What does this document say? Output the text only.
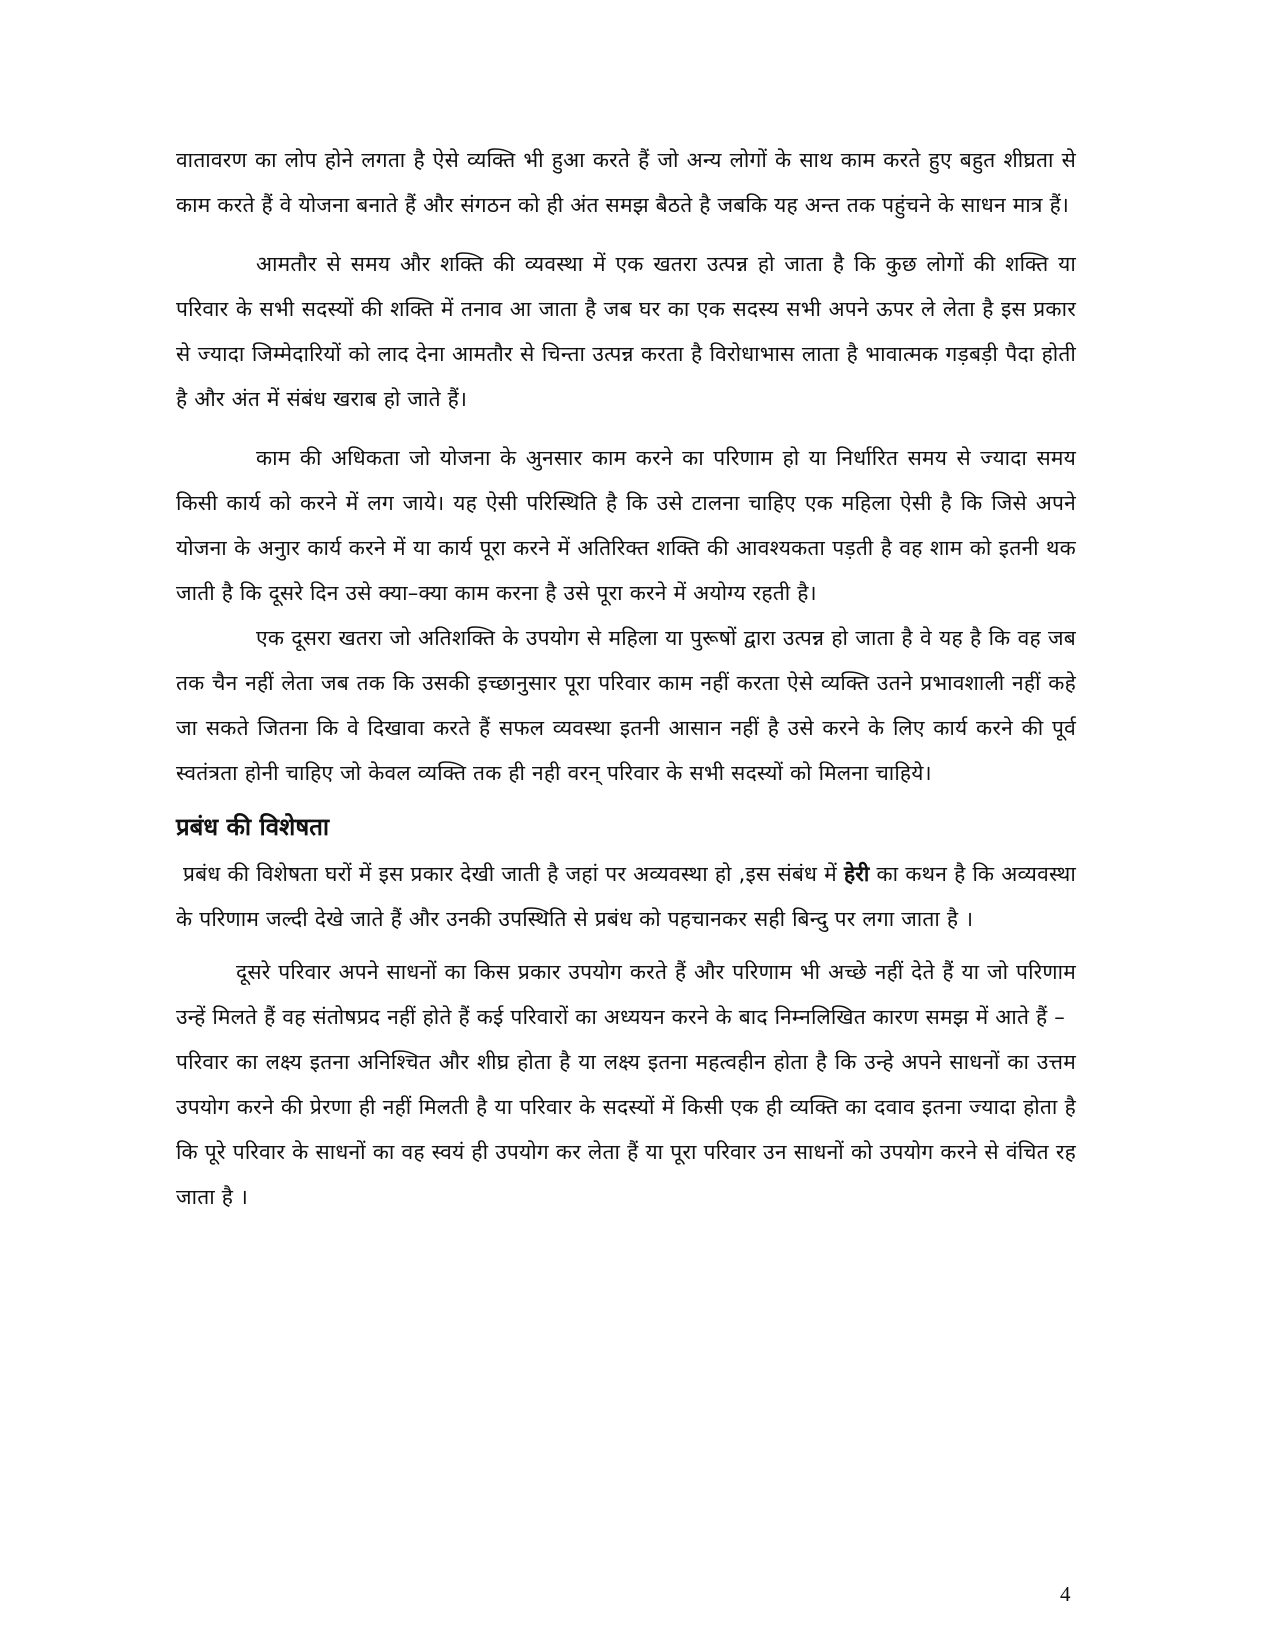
वातावरण का लोप होने लगता है ऐसे व्यक्ति भी हुआ करते हैं जो अन्य लोगों के साथ काम करते हुए बहुत शीघ्रता से काम करते हैं वे योजना बनाते हैं और संगठन को ही अंत समझ बैठते है जबकि यह अन्त तक पहुंचने के साधन मात्र हैं।

आमतौर से समय और शक्ति की व्यवस्था में एक खतरा उत्पन्न हो जाता है कि कुछ लोगों की शक्ति या परिवार के सभी सदस्यों की शक्ति में तनाव आ जाता है जब घर का एक सदस्य सभी अपने ऊपर ले लेता है इस प्रकार से ज्यादा जिम्मेदारियों को लाद देना आमतौर से चिन्ता उत्पन्न करता है विरोधाभास लाता है भावात्मक गड़बड़ी पैदा होती है और अंत में संबंध खराब हो जाते हैं।

काम की अधिकता जो योजना के अुनसार काम करने का परिणाम हो या निर्धारित समय से ज्यादा समय किसी कार्य को करने में लग जाये। यह ऐसी परिस्थिति है कि उसे टालना चाहिए एक महिला ऐसी है कि जिसे अपने योजना के अनुार कार्य करने में या कार्य पूरा करने में अतिरिक्त शक्ति की आवश्यकता पड़ती है वह शाम को इतनी थक जाती है कि दूसरे दिन उसे क्या–क्या काम करना है उसे पूरा करने में अयोग्य रहती है।

एक दूसरा खतरा जो अतिशक्ति के उपयोग से महिला या पुरूषों द्वारा उत्पन्न हो जाता है वे यह है कि वह जब तक चैन नहीं लेता जब तक कि उसकी इच्छानुसार पूरा परिवार काम नहीं करता ऐसे व्यक्ति उतने प्रभावशाली नहीं कहे जा सकते जितना कि वे दिखावा करते हैं सफल व्यवस्था इतनी आसान नहीं है उसे करने के लिए कार्य करने की पूर्व स्वतंत्रता होनी चाहिए जो केवल व्यक्ति तक ही नही वरन् परिवार के सभी सदस्यों को मिलना चाहिये।

प्रबंध की विशेषता

प्रबंध की विशेषता घरों में इस प्रकार देखी जाती है जहां पर अव्यवस्था हो ,इस संबंध में हेरी का कथन है कि अव्यवस्था के परिणाम जल्दी देखे जाते हैं और उनकी उपस्थिति से प्रबंध को पहचानकर सही बिन्दु पर लगा जाता है ।

दूसरे परिवार अपने साधनों का किस प्रकार उपयोग करते हैं और परिणाम भी अच्छे नहीं देते हैं या जो परिणाम उन्हें मिलते हैं वह संतोषप्रद नहीं होते हैं कई परिवारों का अध्ययन करने के बाद निम्नलिखित कारण समझ में आते हैं –

परिवार का लक्ष्य इतना अनिश्चित और शीघ्र होता है या लक्ष्य इतना महत्वहीन होता है कि उन्हे अपने साधनों का उत्तम उपयोग करने की प्रेरणा ही नहीं मिलती है या परिवार के सदस्यों में किसी एक ही व्यक्ति का दवाव इतना ज्यादा होता है कि पूरे परिवार के साधनों का वह स्वयं ही उपयोग कर लेता हैं या पूरा परिवार उन साधनों को उपयोग करने से वंचित रह जाता है ।

4
